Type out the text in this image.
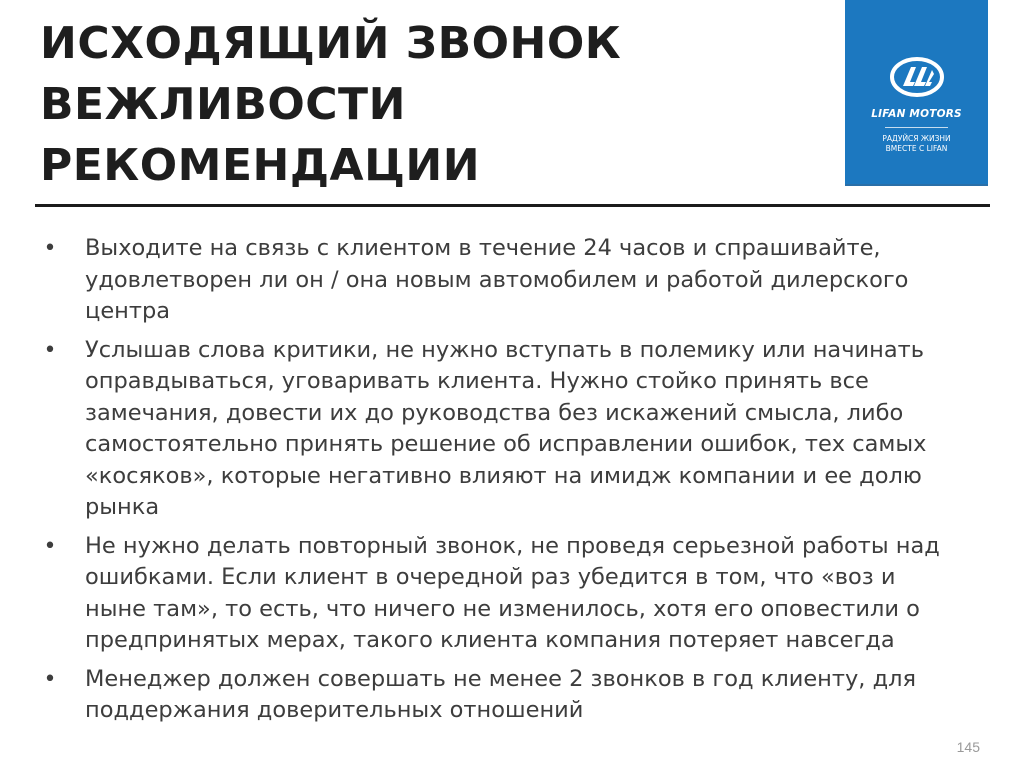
ИСХОДЯЩИЙ ЗВОНОК
ВЕЖЛИВОСТИ
РЕКОМЕНДАЦИИ
LIFAN MOTORS
РАДУЙСЯ ЖИЗНИ
ВМЕСТЕ С LIFAN
• Выходите на связь с клиентом в течение 24 часов и спрашивайте, удовлетворен ли он / она новым автомобилем и работой дилерского центра
• Услышав слова критики, не нужно вступать в полемику или начинать оправдываться, уговаривать клиента. Нужно стойко принять все замечания, довести их до руководства без искажений смысла, либо самостоятельно принять решение об исправлении ошибок, тех самых «косяков», которые негативно влияют на имидж компании и ее долю рынка
• Не нужно делать повторный звонок, не проведя серьезной работы над ошибками. Если клиент в очередной раз убедится в том, что «воз и ныне там», то есть, что ничего не изменилось, хотя его оповестили о предпринятых мерах, такого клиента компания потеряет навсегда
• Менеджер должен совершать не менее 2 звонков в год клиенту, для поддержания доверительных отношений
145
